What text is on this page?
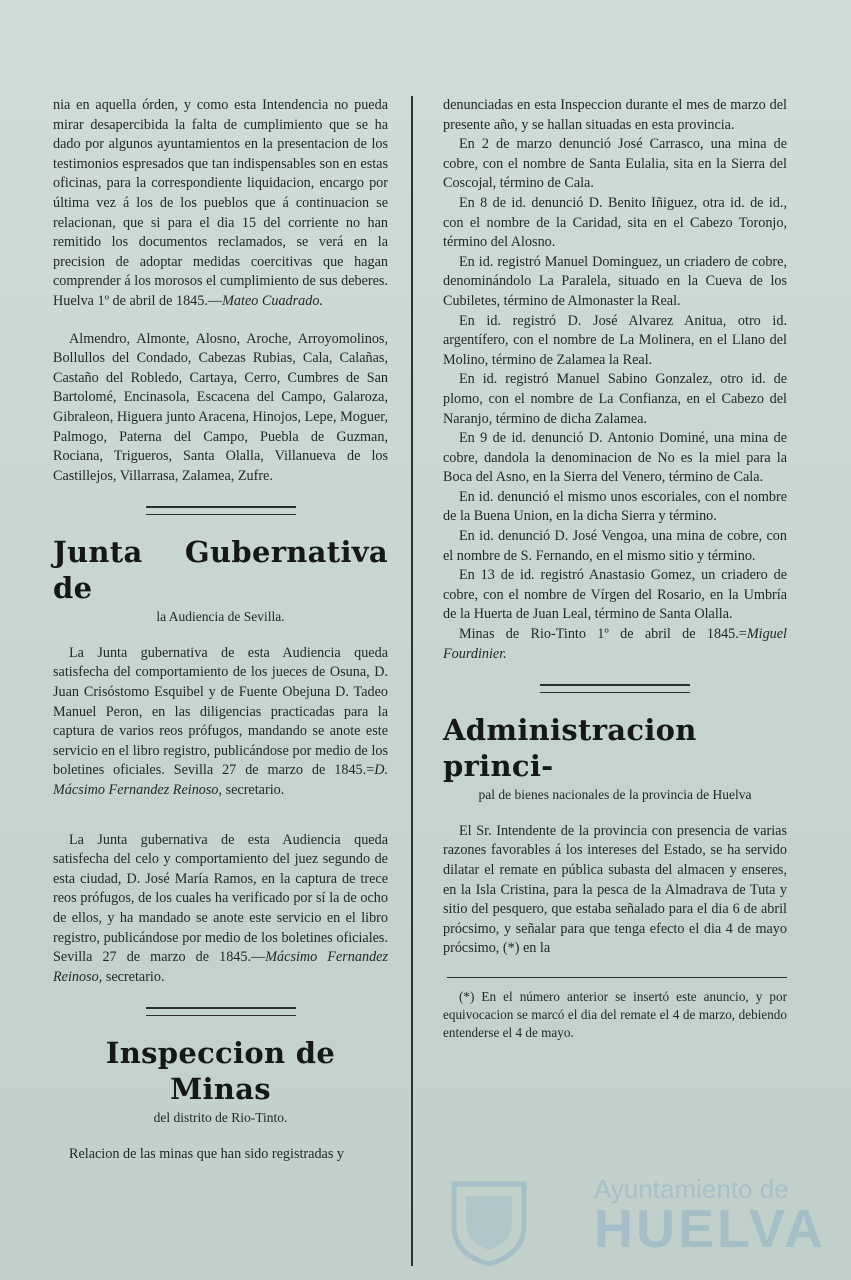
nia en aquella órden, y como esta Intendencia no pueda mirar desapercibida la falta de cumplimiento que se ha dado por algunos ayuntamientos en la presentacion de los testimonios espresados que tan indispensables son en estas oficinas, para la correspondiente liquidacion, encargo por última vez á los de los pueblos que á continuacion se relacionan, que si para el dia 15 del corriente no han remitido los documentos reclamados, se verá en la precision de adoptar medidas coercitivas que hagan comprender á los morosos el cumplimiento de sus deberes. Huelva 1º de abril de 1845.—Mateo Cuadrado.

Almendro, Almonte, Alosno, Aroche, Arroyomolinos, Bollullos del Condado, Cabezas Rubias, Cala, Calañas, Castaño del Robledo, Cartaya, Cerro, Cumbres de San Bartolomé, Encinasola, Escacena del Campo, Galaroza, Gibraleon, Higuera junto Aracena, Hinojos, Lepe, Moguer, Palmogo, Paterna del Campo, Puebla de Guzman, Rociana, Trigueros, Santa Olalla, Villanueva de los Castillejos, Villarrasa, Zalamea, Zufre.

Junta Gubernativa de
la Audiencia de Sevilla.

La Junta gubernativa de esta Audiencia queda satisfecha del comportamiento de los jueces de Osuna, D. Juan Crisóstomo Esquibel y de Fuente Obejuna D. Tadeo Manuel Peron, en las diligencias practicadas para la captura de varios reos prófugos, mandando se anote este servicio en el libro registro, publicándose por medio de los boletines oficiales. Sevilla 27 de marzo de 1845.=D. Mácsimo Fernandez Reinoso, secretario.

La Junta gubernativa de esta Audiencia queda satisfecha del celo y comportamiento del juez segundo de esta ciudad, D. José María Ramos, en la captura de trece reos prófugos, de los cuales ha verificado por sí la de ocho de ellos, y ha mandado se anote este servicio en el libro registro, publicándose por medio de los boletines oficiales. Sevilla 27 de marzo de 1845.—Mácsimo Fernandez Reinoso, secretario.

Inspeccion de Minas
del distrito de Rio-Tinto.

Relacion de las minas que han sido registradas y

denunciadas en esta Inspeccion durante el mes de marzo del presente año, y se hallan situadas en esta provincia.

En 2 de marzo denunció José Carrasco, una mina de cobre, con el nombre de Santa Eulalia, sita en la Sierra del Coscojal, término de Cala.

En 8 de id. denunció D. Benito Iñiguez, otra id. de id., con el nombre de la Caridad, sita en el Cabezo Toronjo, término del Alosno.

En id. registró Manuel Dominguez, un criadero de cobre, denominándolo La Paralela, situado en la Cueva de los Cubiletes, término de Almonaster la Real.

En id. registró D. José Alvarez Anitua, otro id. argentífero, con el nombre de La Molinera, en el Llano del Molino, término de Zalamea la Real.

En id. registró Manuel Sabino Gonzalez, otro id. de plomo, con el nombre de La Confianza, en el Cabezo del Naranjo, término de dicha Zalamea.

En 9 de id. denunció D. Antonio Dominé, una mina de cobre, dandola la denominacion de No es la miel para la Boca del Asno, en la Sierra del Venero, término de Cala.

En id. denunció el mismo unos escoriales, con el nombre de la Buena Union, en la dicha Sierra y término.

En id. denunció D. José Vengoa, una mina de cobre, con el nombre de S. Fernando, en el mismo sitio y término.

En 13 de id. registró Anastasio Gomez, un criadero de cobre, con el nombre de Vírgen del Rosario, en la Umbría de la Huerta de Juan Leal, término de Santa Olalla.

Minas de Rio-Tinto 1º de abril de 1845.=Miguel Fourdinier.

Administracion princi-
pal de bienes nacionales de la provincia de Huelva

El Sr. Intendente de la provincia con presencia de varias razones favorables á los intereses del Estado, se ha servido dilatar el remate en pública subasta del almacen y enseres, en la Isla Cristina, para la pesca de la Almadrava de Tuta y sitio del pesquero, que estaba señalado para el dia 6 de abril prócsimo, y señalar para que tenga efecto el dia 4 de mayo prócsimo, (*) en la

(*) En el número anterior se insertó este anuncio, y por equivocacion se marcó el dia del remate el 4 de marzo, debiendo entenderse el 4 de mayo.

Ayuntamiento de
HUELVA
